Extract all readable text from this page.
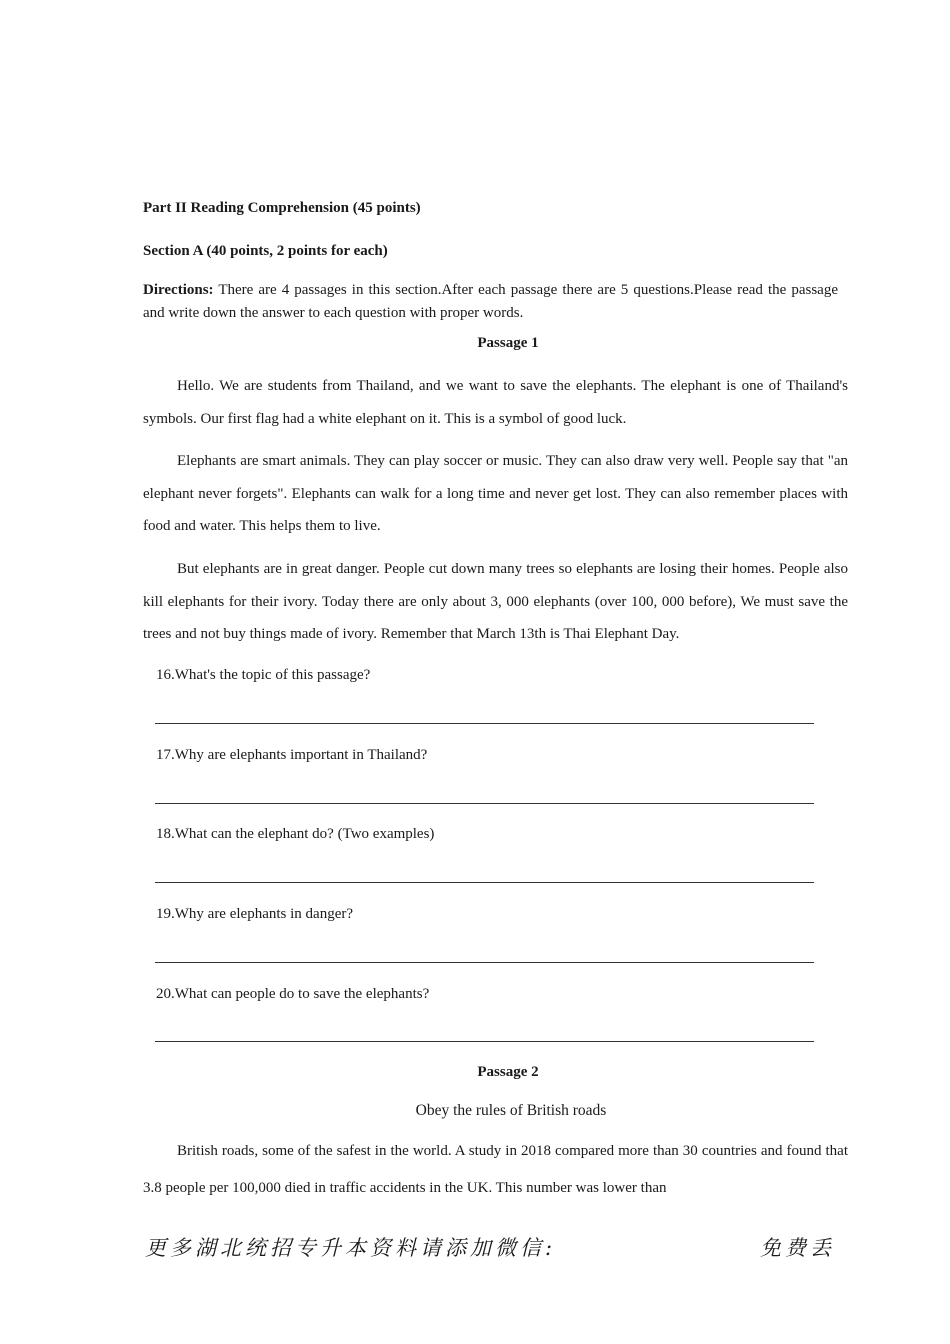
Part II Reading Comprehension (45 points)
Section A (40 points, 2 points for each)
Directions: There are 4 passages in this section.After each passage there are 5 questions.Please read the passage and write down the answer to each question with proper words.
Passage 1
Hello. We are students from Thailand, and we want to save the elephants. The elephant is one of Thailand's symbols. Our first flag had a white elephant on it. This is a symbol of good luck.
Elephants are smart animals. They can play soccer or music. They can also draw very well. People say that "an elephant never forgets". Elephants can walk for a long time and never get lost. They can also remember places with food and water. This helps them to live.
But elephants are in great danger. People cut down many trees so elephants are losing their homes. People also kill elephants for their ivory. Today there are only about 3, 000 elephants (over 100, 000 before), We must save the trees and not buy things made of ivory. Remember that March 13th is Thai Elephant Day.
16.What's the topic of this passage?
17.Why are elephants important in Thailand?
18.What can the elephant do? (Two examples)
19.Why are elephants in danger?
20.What can people do to save the elephants?
Passage 2
Obey the rules of British roads
British roads, some of the safest in the world. A study in 2018 compared more than 30 countries and found that 3.8 people per 100,000 died in traffic accidents in the UK. This number was lower than
更多湖北统招专升本资料请添加微信:	免费丢
